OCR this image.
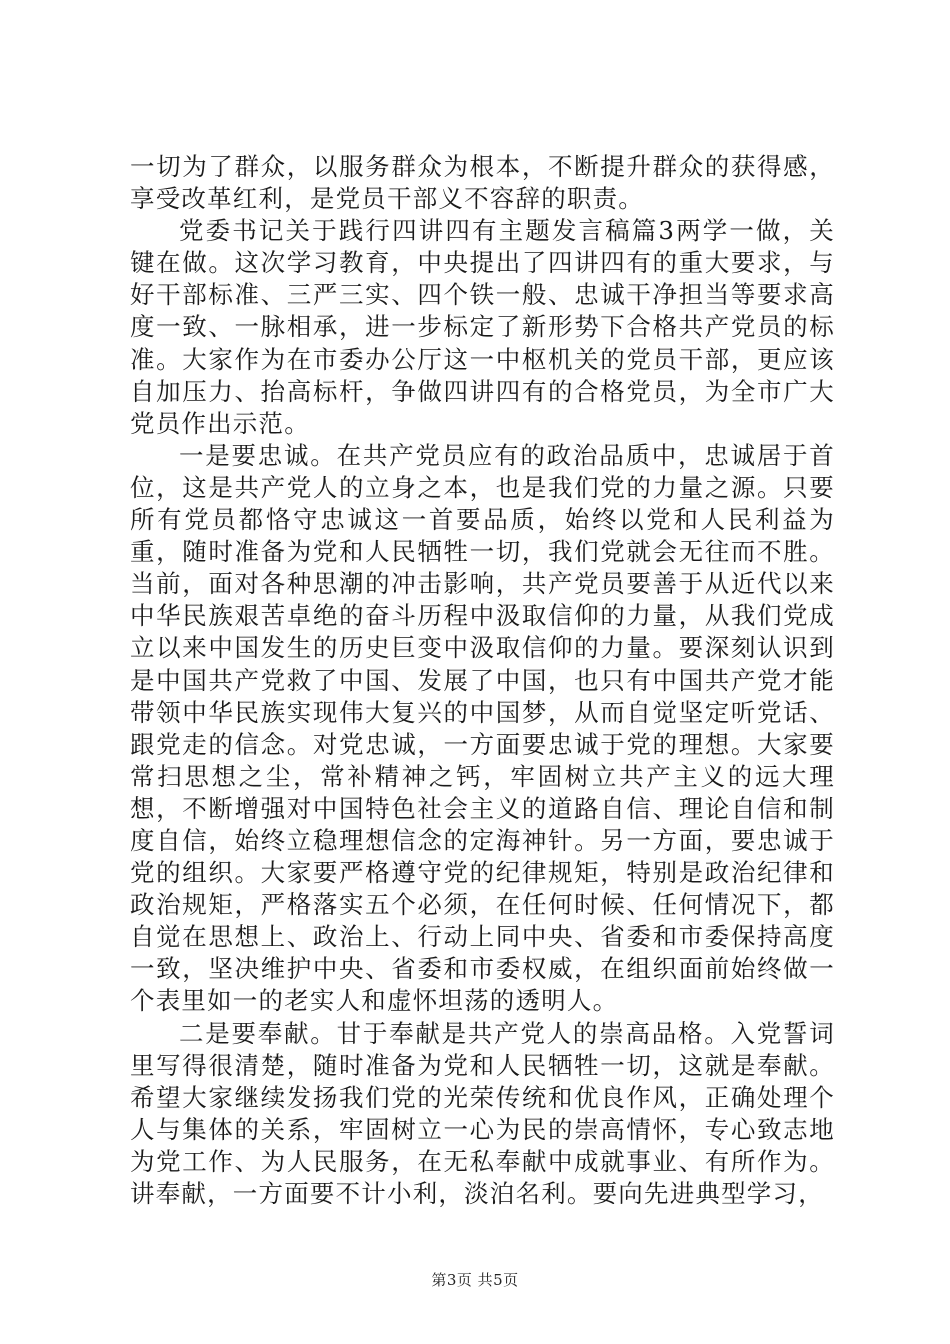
一切为了群众，以服务群众为根本，不断提升群众的获得感，享受改革红利，是党员干部义不容辞的职责。

党委书记关于践行四讲四有主题发言稿篇3两学一做，关键在做。这次学习教育，中央提出了四讲四有的重大要求，与好干部标准、三严三实、四个铁一般、忠诚干净担当等要求高度一致、一脉相承，进一步标定了新形势下合格共产党员的标准。大家作为在市委办公厅这一中枢机关的党员干部，更应该自加压力、抬高标杆，争做四讲四有的合格党员，为全市广大党员作出示范。

一是要忠诚。在共产党员应有的政治品质中，忠诚居于首位，这是共产党人的立身之本，也是我们党的力量之源。只要所有党员都恪守忠诚这一首要品质，始终以党和人民利益为重，随时准备为党和人民牺牲一切，我们党就会无往而不胜。当前，面对各种思潮的冲击影响，共产党员要善于从近代以来中华民族艰苦卓绝的奋斗历程中汲取信仰的力量，从我们党成立以来中国发生的历史巨变中汲取信仰的力量。要深刻认识到是中国共产党救了中国、发展了中国，也只有中国共产党才能带领中华民族实现伟大复兴的中国梦，从而自觉坚定听党话、跟党走的信念。对党忠诚，一方面要忠诚于党的理想。大家要常扫思想之尘，常补精神之钙，牢固树立共产主义的远大理想，不断增强对中国特色社会主义的道路自信、理论自信和制度自信，始终立稳理想信念的定海神针。另一方面，要忠诚于党的组织。大家要严格遵守党的纪律规矩，特别是政治纪律和政治规矩，严格落实五个必须，在任何时候、任何情况下，都自觉在思想上、政治上、行动上同中央、省委和市委保持高度一致，坚决维护中央、省委和市委权威，在组织面前始终做一个表里如一的老实人和虚怀坦荡的透明人。

二是要奉献。甘于奉献是共产党人的崇高品格。入党誓词里写得很清楚，随时准备为党和人民牺牲一切，这就是奉献。希望大家继续发扬我们党的光荣传统和优良作风，正确处理个人与集体的关系，牢固树立一心为民的崇高情怀，专心致志地为党工作、为人民服务，在无私奉献中成就事业、有所作为。讲奉献，一方面要不计小利，淡泊名利。要向先进典型学习，

第3页 共5页
